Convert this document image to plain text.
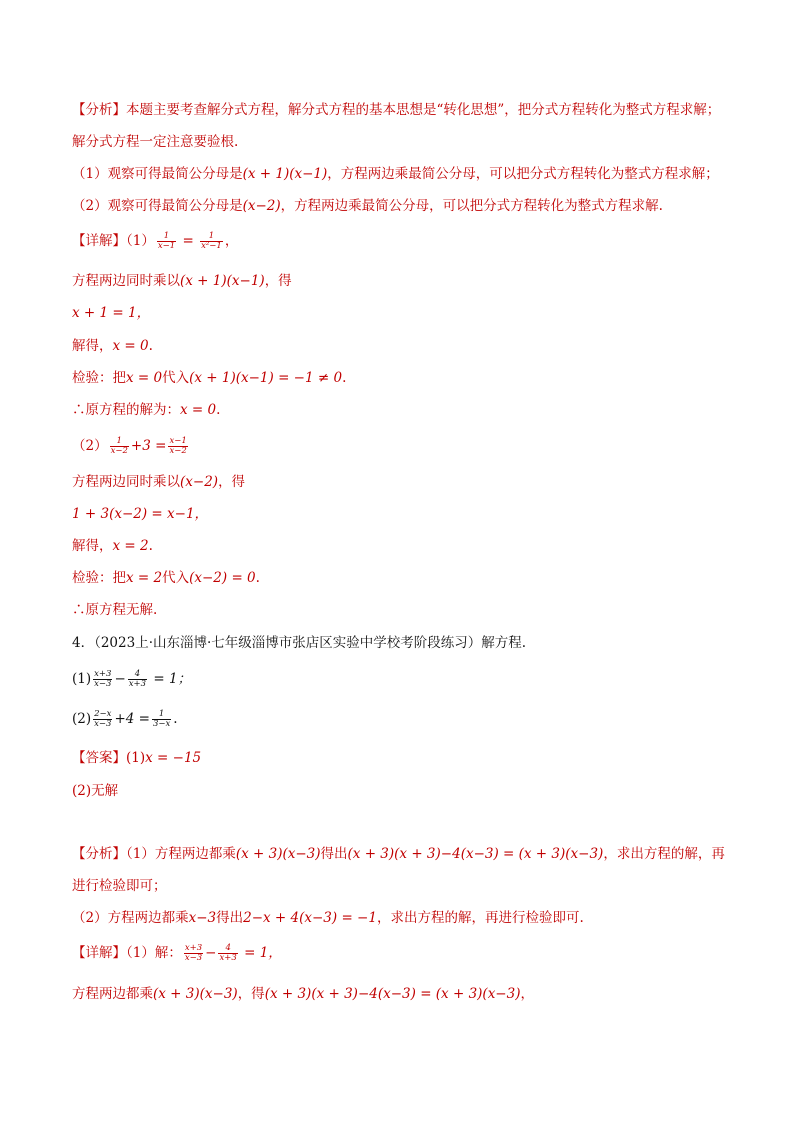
【分析】本题主要考查解分式方程，解分式方程的基本思想是“转化思想”，把分式方程转化为整式方程求解；
解分式方程一定注意要验根.
（1）观察可得最简公分母是(x + 1)(x−1)，方程两边乘最简公分母，可以把分式方程转化为整式方程求解；
（2）观察可得最简公分母是(x−2)，方程两边乘最简公分母，可以把分式方程转化为整式方程求解.
【详解】$(1) \frac{1}{x-1} = \frac{1}{\text{x²−1}}$ ，
方程两边同时乘以(x + 1)(x−1)，得
x + 1 = 1，
解得，x = 0.
检验：把x = 0代入(x + 1)(x−1) = −1 ≠ 0.
∴原方程的解为：x = 0.
$(2) \frac{1}{x-2} +3 = \frac{x-1}{x-2}$
方程两边同时乘以(x−2)，得
1 + 3(x−2) = x−1，
解得，x = 2.
检验：把x = 2代入(x−2) = 0.
∴原方程无解.
4．（2023上·山东淄博·七年级淄博市张店区实验中学校考阶段练习）解方程.
$(1) \frac{x+3}{x-3} - \frac{4}{x+3} = 1$；
$(2) \frac{2-x}{x-3} +4 = \frac{1}{3-x}$ .
【答案】(1)x = −15
(2)无解
【分析】（1）方程两边都乘(x + 3)(x−3)得出(x + 3)(x + 3)−4(x−3) = (x + 3)(x−3)，求出方程的解，再
进行检验即可；
（2）方程两边都乘x−3得出2−x + 4(x−3) = −1，求出方程的解，再进行检验即可.
【详解】（1）解： $\frac{x+3}{x-3} - \frac{4}{x+3} = 1$，
方程两边都乘(x + 3)(x−3)，得(x + 3)(x + 3)−4(x−3) = (x + 3)(x−3)，
